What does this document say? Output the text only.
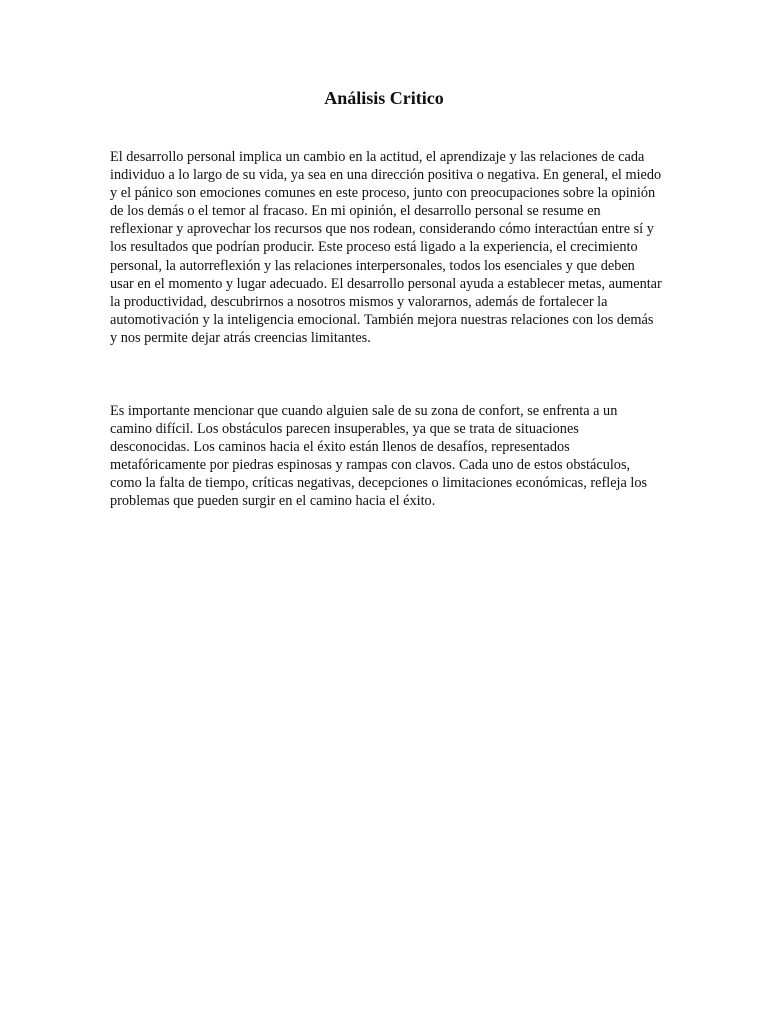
Análisis Critico

El desarrollo personal implica un cambio en la actitud, el aprendizaje y las relaciones de cada individuo a lo largo de su vida, ya sea en una dirección positiva o negativa. En general, el miedo y el pánico son emociones comunes en este proceso, junto con preocupaciones sobre la opinión de los demás o el temor al fracaso. En mi opinión, el desarrollo personal se resume en reflexionar y aprovechar los recursos que nos rodean, considerando cómo interactúan entre sí y los resultados que podrían producir. Este proceso está ligado a la experiencia, el crecimiento personal, la autorreflexión y las relaciones interpersonales, todos los esenciales y que deben usar en el momento y lugar adecuado. El desarrollo personal ayuda a establecer metas, aumentar la productividad, descubrirnos a nosotros mismos y valorarnos, además de fortalecer la automotivación y la inteligencia emocional. También mejora nuestras relaciones con los demás y nos permite dejar atrás creencias limitantes.

Es importante mencionar que cuando alguien sale de su zona de confort, se enfrenta a un camino difícil. Los obstáculos parecen insuperables, ya que se trata de situaciones desconocidas. Los caminos hacia el éxito están llenos de desafíos, representados metafóricamente por piedras espinosas y rampas con clavos. Cada uno de estos obstáculos, como la falta de tiempo, críticas negativas, decepciones o limitaciones económicas, refleja los problemas que pueden surgir en el camino hacia el éxito.
